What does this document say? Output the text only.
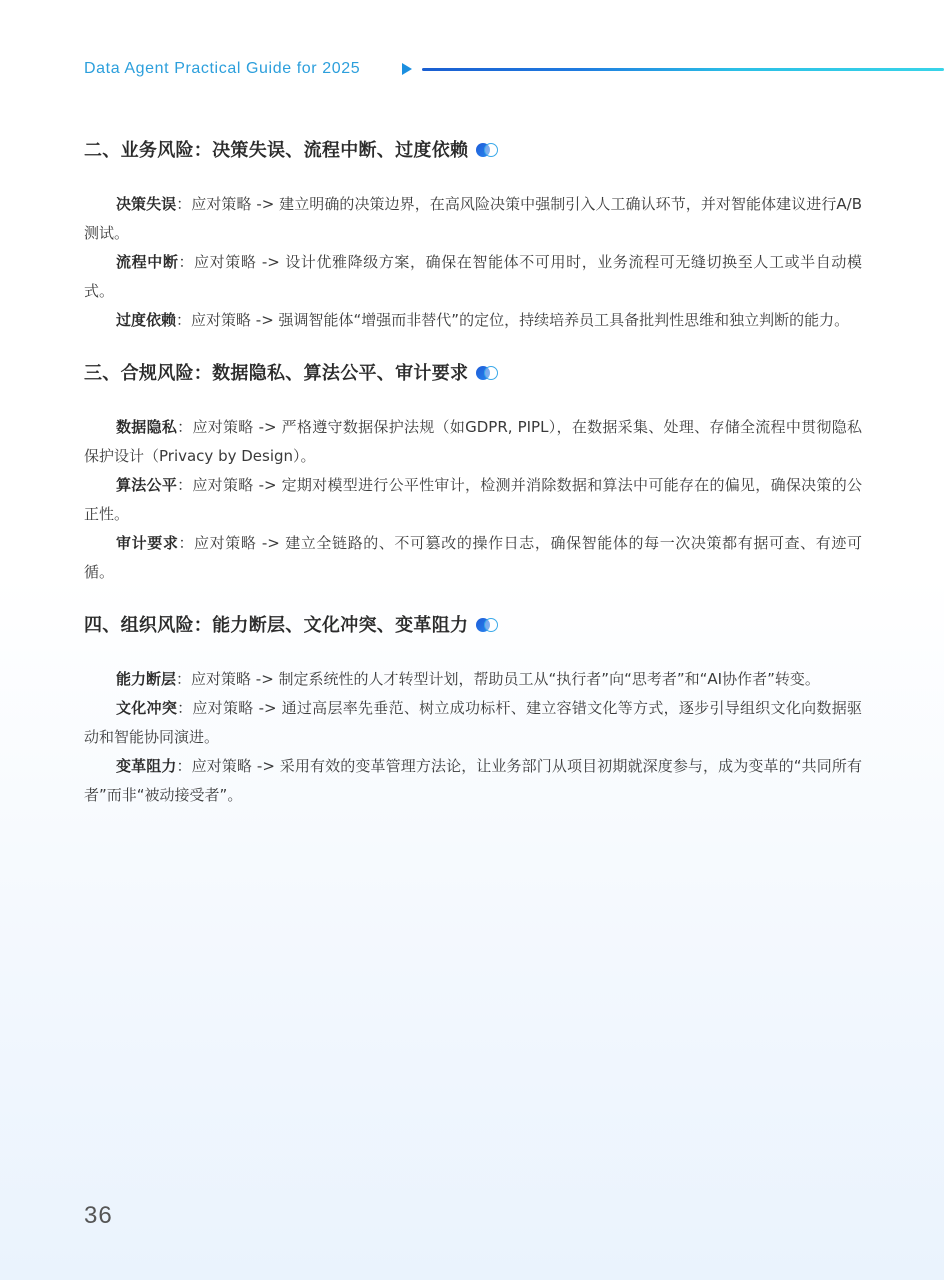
Data Agent Practical Guide for 2025
二、业务风险：决策失误、流程中断、过度依赖

决策失误：应对策略 -> 建立明确的决策边界，在高风险决策中强制引入人工确认环节，并对智能体建议进行A/B测试。

流程中断：应对策略 -> 设计优雅降级方案，确保在智能体不可用时，业务流程可无缝切换至人工或半自动模式。

过度依赖：应对策略 -> 强调智能体“增强而非替代”的定位，持续培养员工具备批判性思维和独立判断的能力。

三、合规风险：数据隐私、算法公平、审计要求

数据隐私：应对策略 -> 严格遵守数据保护法规（如GDPR, PIPL），在数据采集、处理、存储全流程中贯彻隐私保护设计（Privacy by Design）。

算法公平：应对策略 -> 定期对模型进行公平性审计，检测并消除数据和算法中可能存在的偏见，确保决策的公正性。

审计要求：应对策略 -> 建立全链路的、不可篡改的操作日志，确保智能体的每一次决策都有据可查、有迹可循。

四、组织风险：能力断层、文化冲突、变革阻力

能力断层：应对策略 -> 制定系统性的人才转型计划，帮助员工从“执行者”向“思考者”和“AI协作者”转变。

文化冲突：应对策略 -> 通过高层率先垂范、树立成功标杆、建立容错文化等方式，逐步引导组织文化向数据驱动和智能协同演进。

变革阻力：应对策略 -> 采用有效的变革管理方法论，让业务部门从项目初期就深度参与，成为变革的“共同所有者”而非“被动接受者”。

36
